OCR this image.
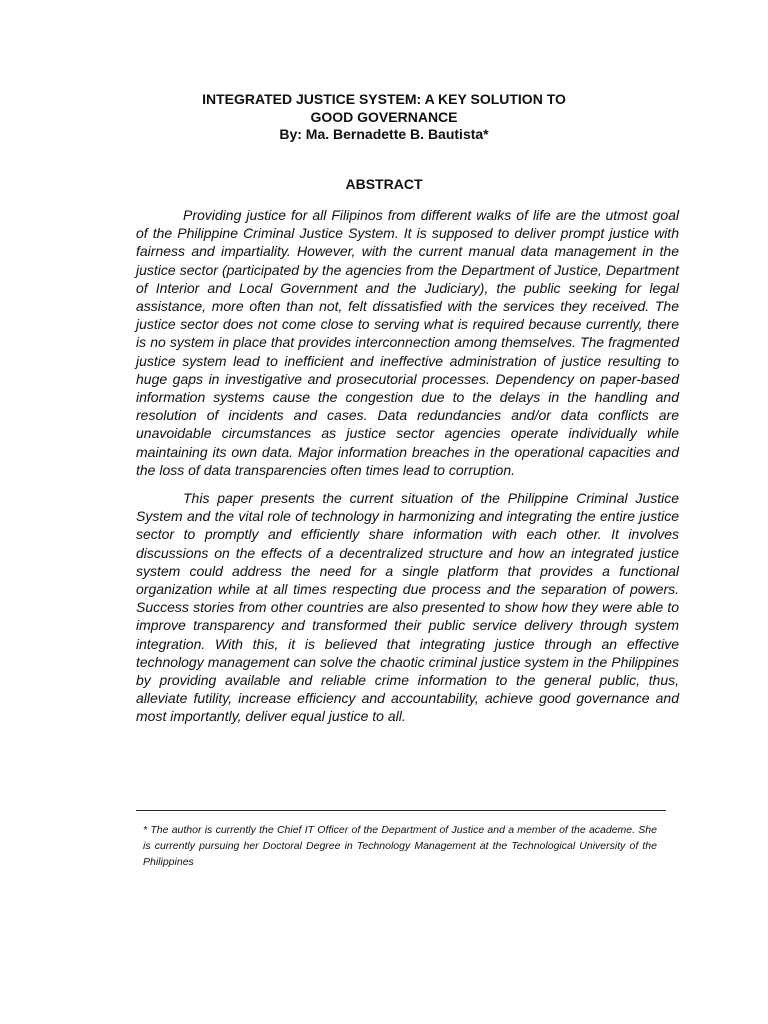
INTEGRATED JUSTICE SYSTEM: A KEY SOLUTION TO
GOOD GOVERNANCE
By: Ma. Bernadette B. Bautista*
ABSTRACT

Providing justice for all Filipinos from different walks of life are the utmost goal of the Philippine Criminal Justice System. It is supposed to deliver prompt justice with fairness and impartiality. However, with the current manual data management in the justice sector (participated by the agencies from the Department of Justice, Department of Interior and Local Government and the Judiciary), the public seeking for legal assistance, more often than not, felt dissatisfied with the services they received. The justice sector does not come close to serving what is required because currently, there is no system in place that provides interconnection among themselves. The fragmented justice system lead to inefficient and ineffective administration of justice resulting to huge gaps in investigative and prosecutorial processes. Dependency on paper-based information systems cause the congestion due to the delays in the handling and resolution of incidents and cases. Data redundancies and/or data conflicts are unavoidable circumstances as justice sector agencies operate individually while maintaining its own data. Major information breaches in the operational capacities and the loss of data transparencies often times lead to corruption.

This paper presents the current situation of the Philippine Criminal Justice System and the vital role of technology in harmonizing and integrating the entire justice sector to promptly and efficiently share information with each other. It involves discussions on the effects of a decentralized structure and how an integrated justice system could address the need for a single platform that provides a functional organization while at all times respecting due process and the separation of powers. Success stories from other countries are also presented to show how they were able to improve transparency and transformed their public service delivery through system integration. With this, it is believed that integrating justice through an effective technology management can solve the chaotic criminal justice system in the Philippines by providing available and reliable crime information to the general public, thus, alleviate futility, increase efficiency and accountability, achieve good governance and most importantly, deliver equal justice to all.

* The author is currently the Chief IT Officer of the Department of Justice and a member of the academe. She is currently pursuing her Doctoral Degree in Technology Management at the Technological University of the Philippines
